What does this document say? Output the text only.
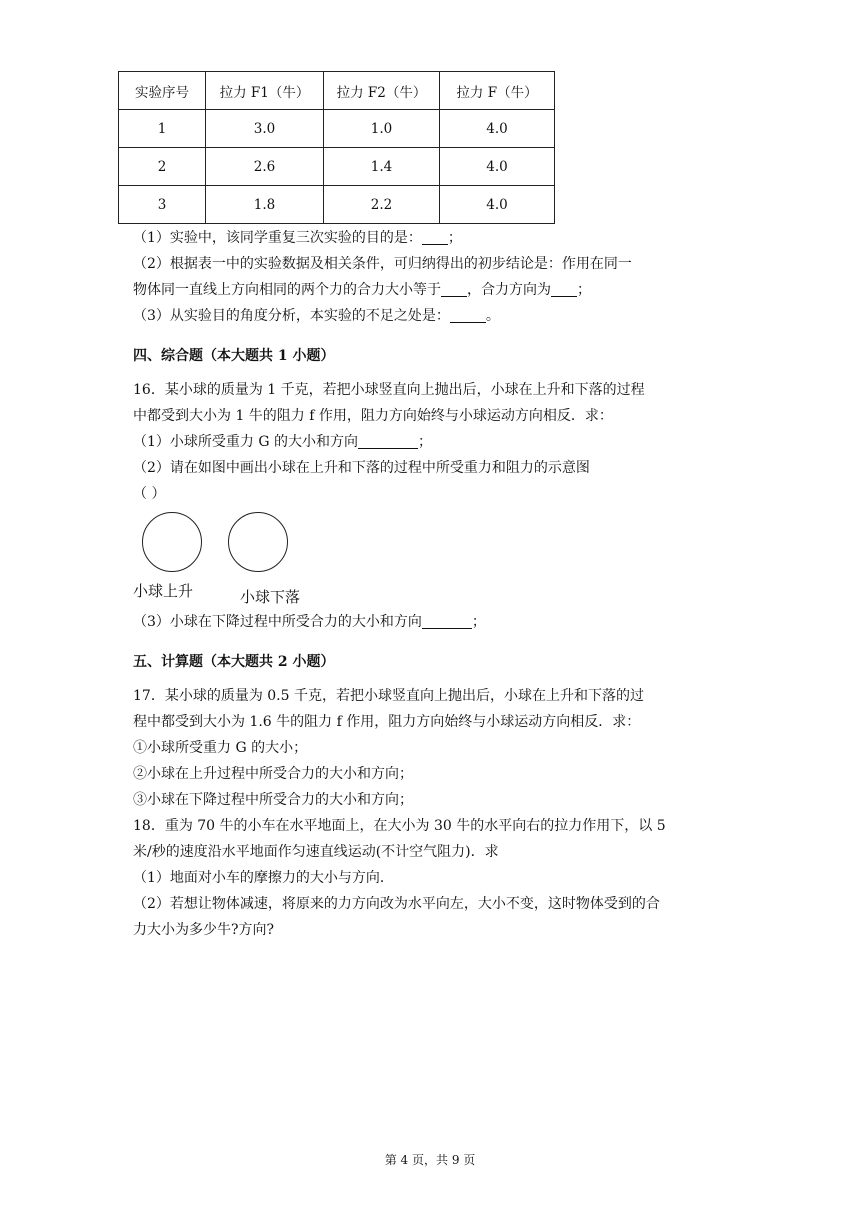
实验序号	拉力 F1（牛）	拉力 F2（牛）	拉力 F（牛）
1	3.0	1.0	4.0
2	2.6	1.4	4.0
3	1.8	2.2	4.0
（1）实验中，该同学重复三次实验的目的是： ；
（2）根据表一中的实验数据及相关条件，可归纳得出的初步结论是：作用在同一
物体同一直线上方向相同的两个力的合力大小等于 ，合力方向为 ；
（3）从实验目的角度分析，本实验的不足之处是：	。
四、综合题（本大题共 1 小题）
16．某小球的质量为 1 千克，若把小球竖直向上抛出后，小球在上升和下落的过程
中都受到大小为 1 牛的阻力 f 作用，阻力方向始终与小球运动方向相反．求：
（1）小球所受重力 G 的大小和方向	；
（2）请在如图中画出小球在上升和下落的过程中所受重力和阻力的示意图
（ ）
小球上升	小球下落
（3）小球在下降过程中所受合力的大小和方向	；
五、计算题（本大题共 2 小题）
17．某小球的质量为 0.5 千克，若把小球竖直向上抛出后，小球在上升和下落的过
程中都受到大小为 1.6 牛的阻力 f 作用，阻力方向始终与小球运动方向相反．求：
①小球所受重力 G 的大小；
②小球在上升过程中所受合力的大小和方向；
③小球在下降过程中所受合力的大小和方向；
18．重为 70 牛的小车在水平地面上，在大小为 30 牛的水平向右的拉力作用下，以 5
米/秒的速度沿水平地面作匀速直线运动(不计空气阻力)．求
（1）地面对小车的摩擦力的大小与方向．
（2）若想让物体减速，将原来的力方向改为水平向左，大小不变，这时物体受到的合
力大小为多少牛?方向?
第 4 页，共 9 页
